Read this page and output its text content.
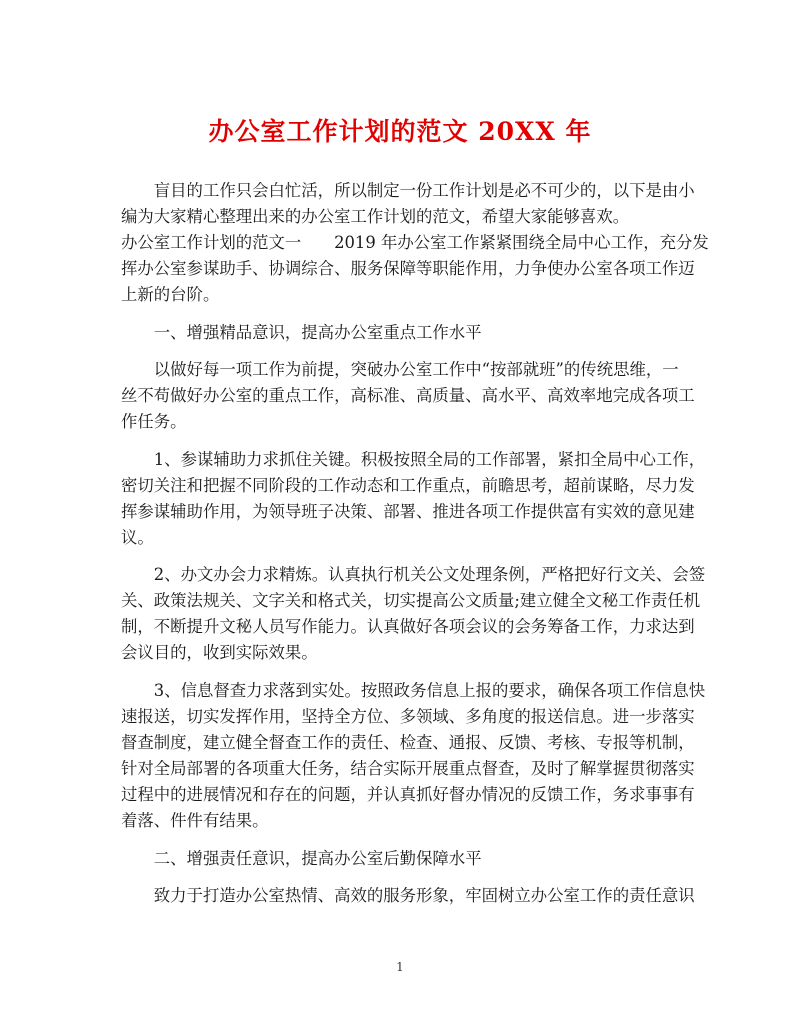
办公室工作计划的范文 20XX 年
　　盲目的工作只会白忙活，所以制定一份工作计划是必不可少的，以下是由小
编为大家精心整理出来的办公室工作计划的范文，希望大家能够喜欢。
办公室工作计划的范文一　　2019 年办公室工作紧紧围绕全局中心工作，充分发
挥办公室参谋助手、协调综合、服务保障等职能作用，力争使办公室各项工作迈
上新的台阶。
　　一、增强精品意识，提高办公室重点工作水平
　　以做好每一项工作为前提，突破办公室工作中“按部就班”的传统思维，一
丝不苟做好办公室的重点工作，高标准、高质量、高水平、高效率地完成各项工
作任务。
　　1、参谋辅助力求抓住关键。积极按照全局的工作部署，紧扣全局中心工作，
密切关注和把握不同阶段的工作动态和工作重点，前瞻思考，超前谋略，尽力发
挥参谋辅助作用，为领导班子决策、部署、推进各项工作提供富有实效的意见建
议。
　　2、办文办会力求精炼。认真执行机关公文处理条例，严格把好行文关、会签
关、政策法规关、文字关和格式关，切实提高公文质量;建立健全文秘工作责任机
制，不断提升文秘人员写作能力。认真做好各项会议的会务筹备工作，力求达到
会议目的，收到实际效果。
　　3、信息督查力求落到实处。按照政务信息上报的要求，确保各项工作信息快
速报送，切实发挥作用，坚持全方位、多领域、多角度的报送信息。进一步落实
督查制度，建立健全督查工作的责任、检查、通报、反馈、考核、专报等机制，
针对全局部署的各项重大任务，结合实际开展重点督查，及时了解掌握贯彻落实
过程中的进展情况和存在的问题，并认真抓好督办情况的反馈工作，务求事事有
着落、件件有结果。
　　二、增强责任意识，提高办公室后勤保障水平
　　致力于打造办公室热情、高效的服务形象，牢固树立办公室工作的责任意识
1
